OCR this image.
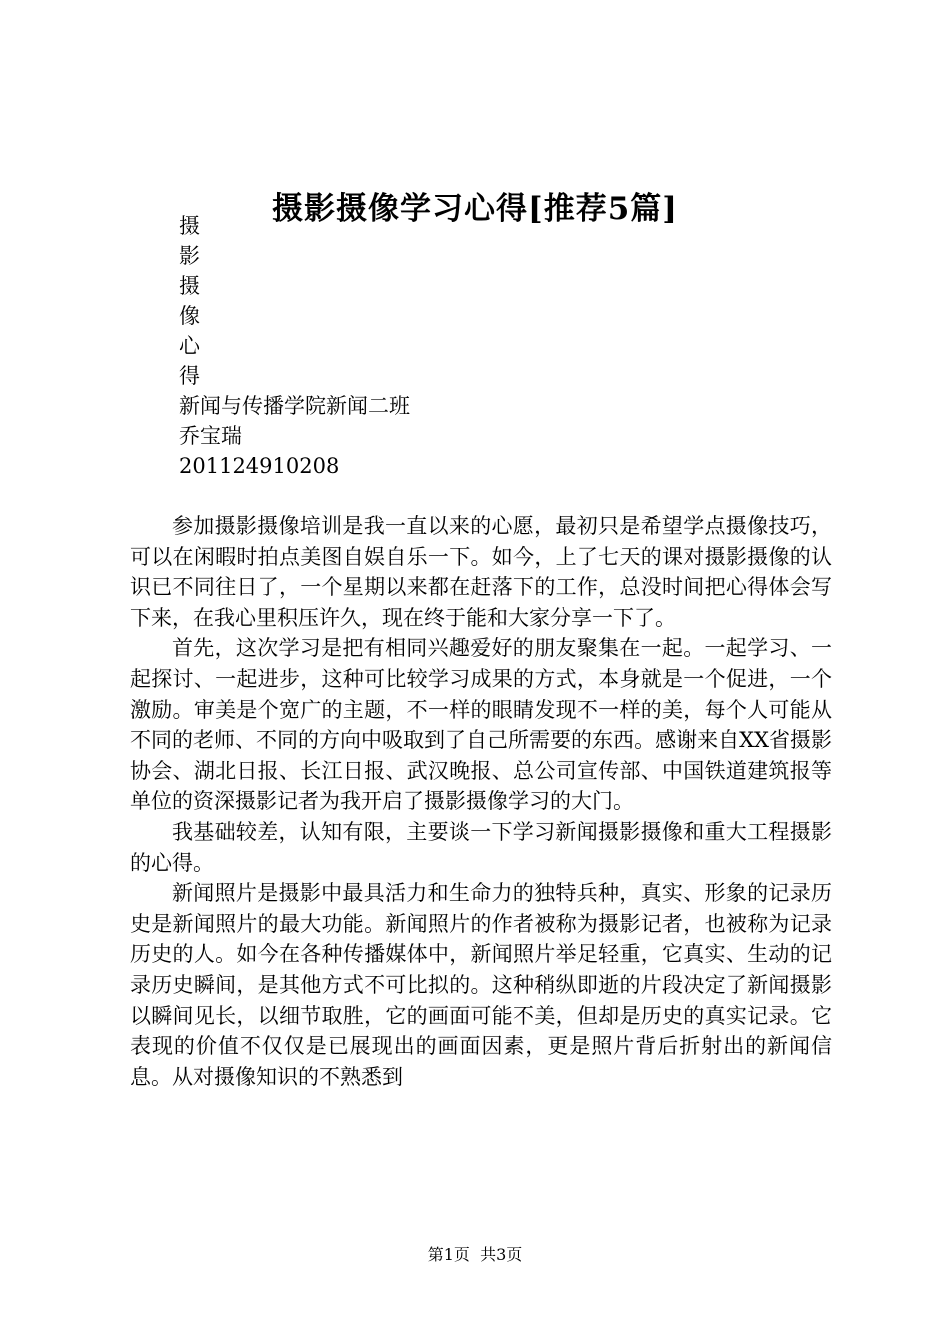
摄影摄像学习心得[推荐5篇]
摄
影
摄
像
心
得
新闻与传播学院新闻二班
乔宝瑞
201124910208

参加摄影摄像培训是我一直以来的心愿，最初只是希望学点摄像技巧，可以在闲暇时拍点美图自娱自乐一下。如今，上了七天的课对摄影摄像的认识已不同往日了，一个星期以来都在赶落下的工作，总没时间把心得体会写下来，在我心里积压许久，现在终于能和大家分享一下了。

首先，这次学习是把有相同兴趣爱好的朋友聚集在一起。一起学习、一起探讨、一起进步，这种可比较学习成果的方式，本身就是一个促进，一个激励。审美是个宽广的主题，不一样的眼睛发现不一样的美，每个人可能从不同的老师、不同的方向中吸取到了自己所需要的东西。感谢来自XX省摄影协会、湖北日报、长江日报、武汉晚报、总公司宣传部、中国铁道建筑报等单位的资深摄影记者为我开启了摄影摄像学习的大门。

我基础较差，认知有限，主要谈一下学习新闻摄影摄像和重大工程摄影的心得。

新闻照片是摄影中最具活力和生命力的独特兵种，真实、形象的记录历史是新闻照片的最大功能。新闻照片的作者被称为摄影记者，也被称为记录历史的人。如今在各种传播媒体中，新闻照片举足轻重，它真实、生动的记录历史瞬间，是其他方式不可比拟的。这种稍纵即逝的片段决定了新闻摄影以瞬间见长，以细节取胜，它的画面可能不美，但却是历史的真实记录。它表现的价值不仅仅是已展现出的画面因素，更是照片背后折射出的新闻信息。从对摄像知识的不熟悉到

第1页  共3页
